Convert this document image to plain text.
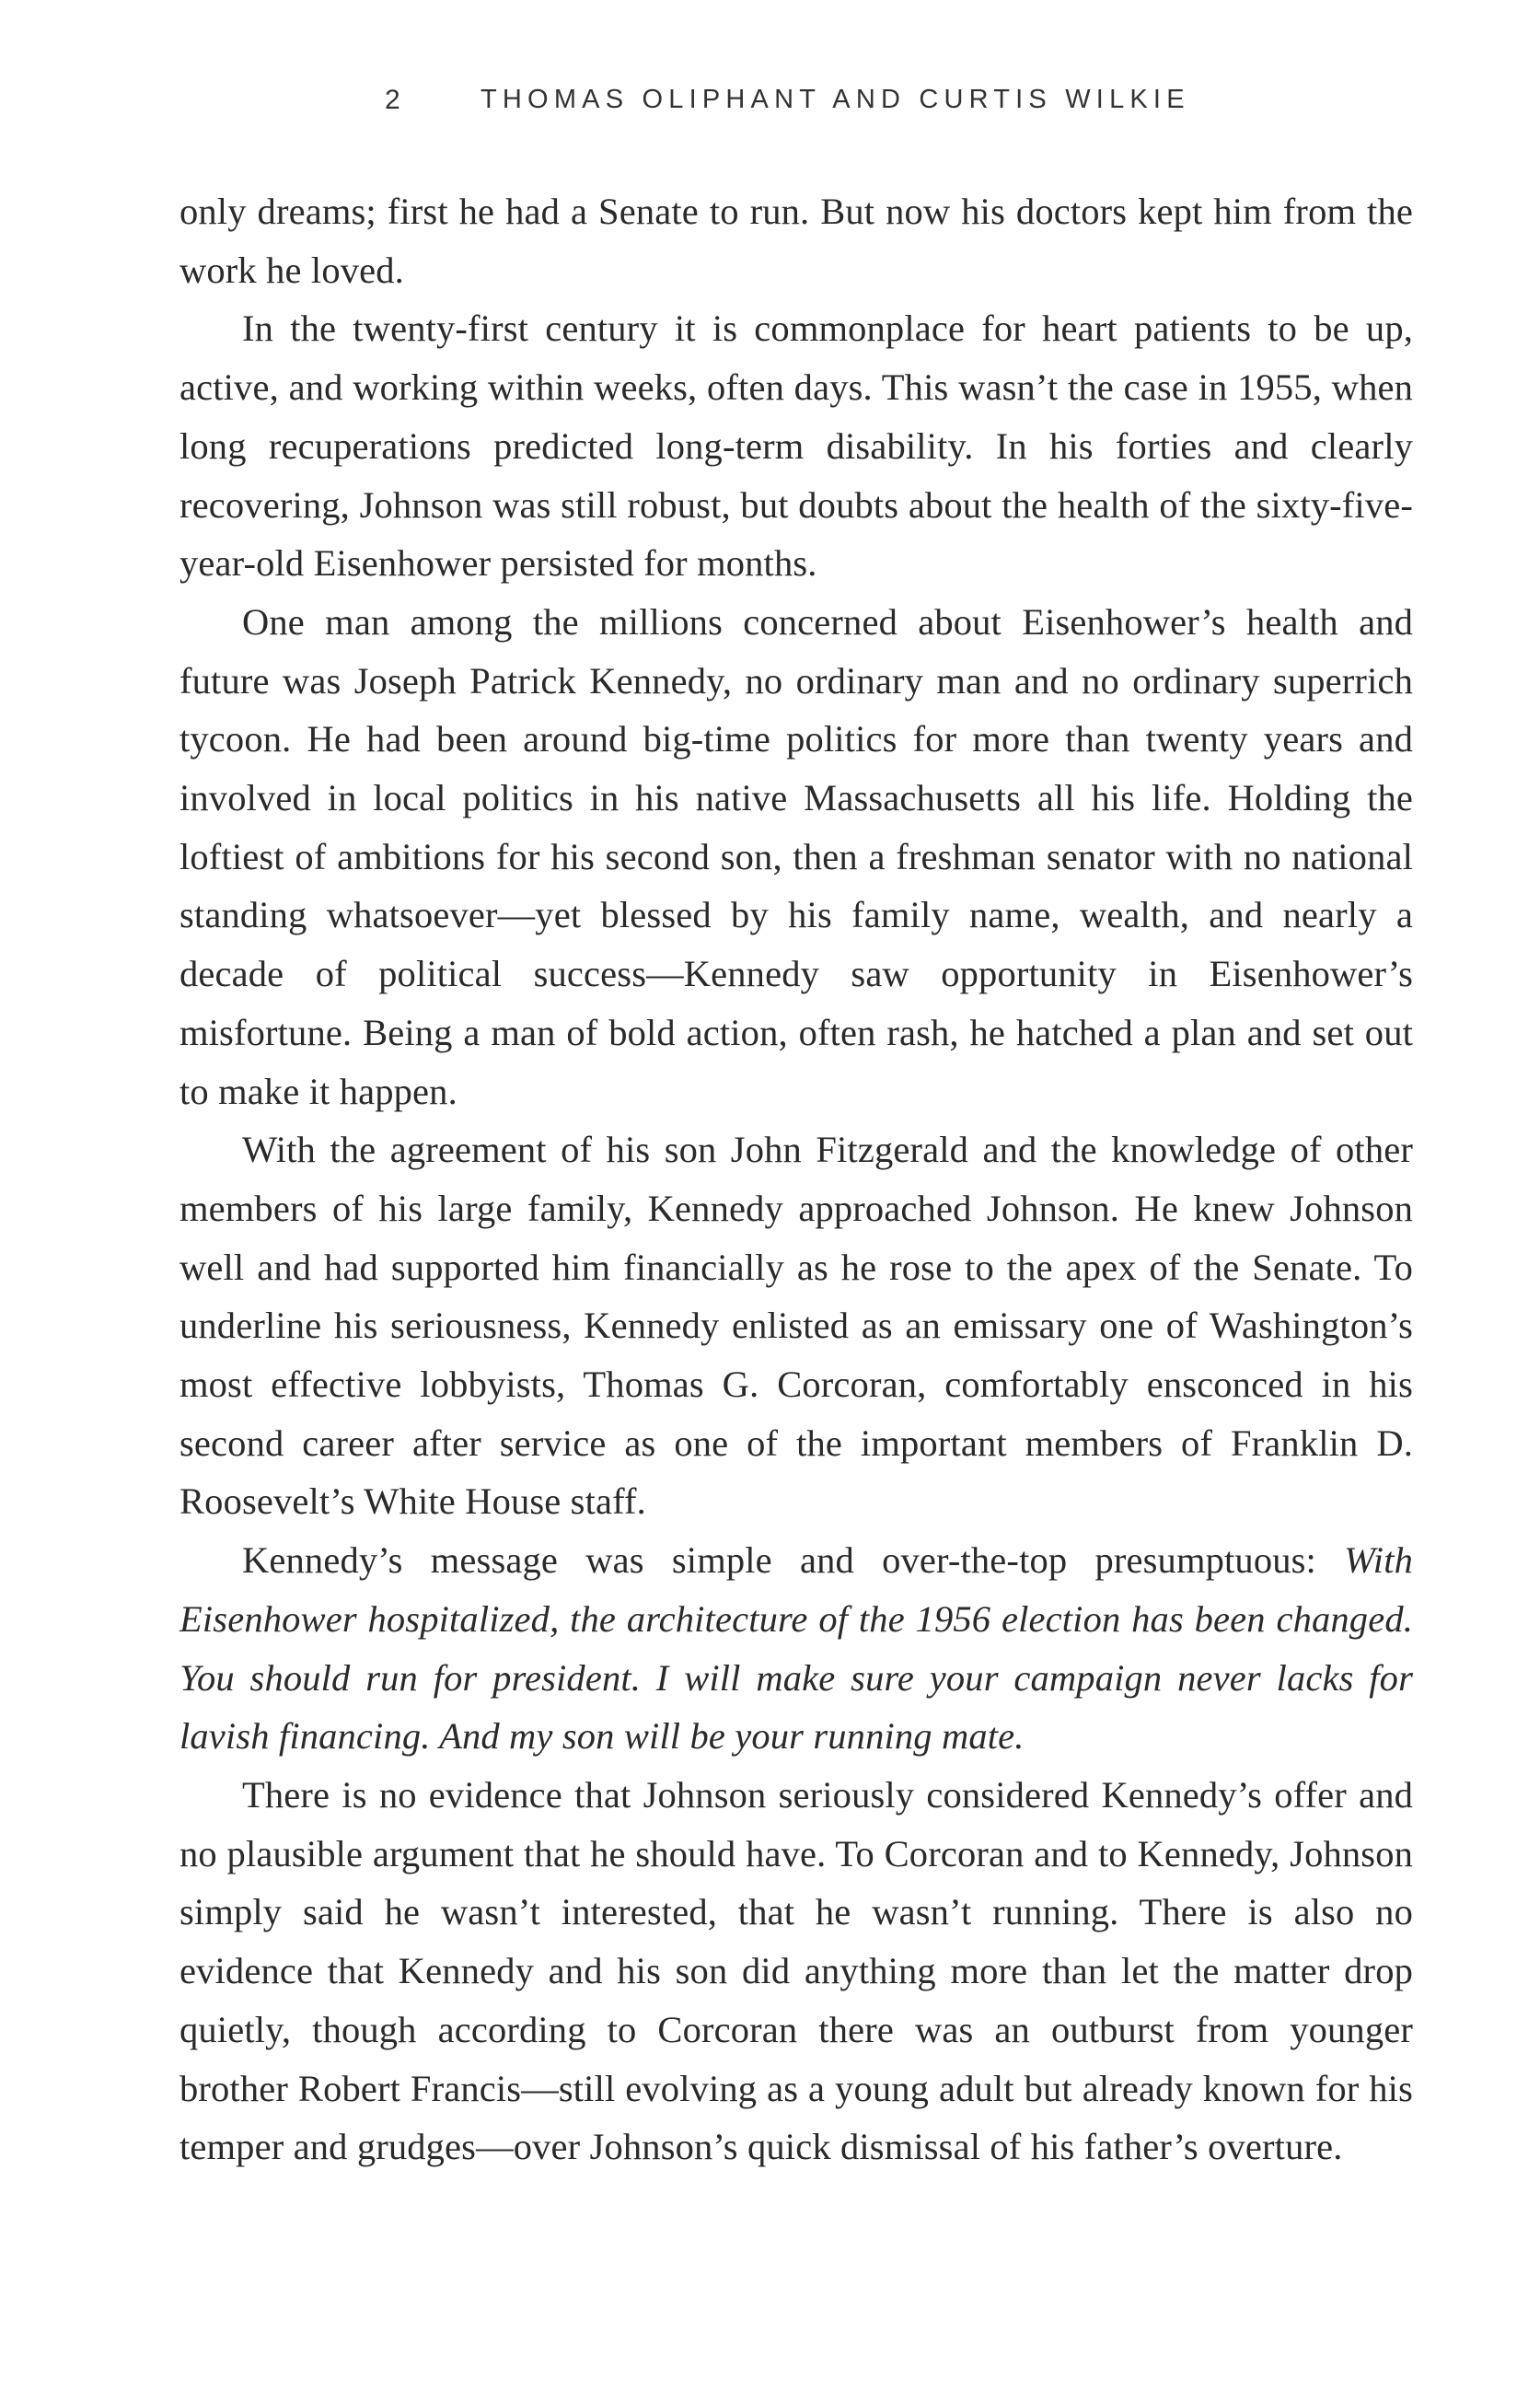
2	THOMAS OLIPHANT AND CURTIS WILKIE

only dreams; first he had a Senate to run. But now his doctors kept him from the work he loved.

In the twenty-first century it is commonplace for heart patients to be up, active, and working within weeks, often days. This wasn’t the case in 1955, when long recuperations predicted long-term disability. In his forties and clearly recovering, Johnson was still robust, but doubts about the health of the sixty-five-year-old Eisenhower persisted for months.

One man among the millions concerned about Eisenhower’s health and future was Joseph Patrick Kennedy, no ordinary man and no ordinary superrich tycoon. He had been around big-time politics for more than twenty years and involved in local politics in his native Massachusetts all his life. Holding the loftiest of ambitions for his second son, then a freshman senator with no national standing whatsoever—yet blessed by his family name, wealth, and nearly a decade of political success—Kennedy saw opportunity in Eisenhower’s misfortune. Being a man of bold action, often rash, he hatched a plan and set out to make it happen.

With the agreement of his son John Fitzgerald and the knowledge of other members of his large family, Kennedy approached Johnson. He knew Johnson well and had supported him financially as he rose to the apex of the Senate. To underline his seriousness, Kennedy enlisted as an emissary one of Washington’s most effective lobbyists, Thomas G. Corcoran, comfortably ensconced in his second career after service as one of the important members of Franklin D. Roosevelt’s White House staff.

Kennedy’s message was simple and over-the-top presumptuous: With Eisenhower hospitalized, the architecture of the 1956 election has been changed. You should run for president. I will make sure your campaign never lacks for lavish financing. And my son will be your running mate.

There is no evidence that Johnson seriously considered Kennedy’s offer and no plausible argument that he should have. To Corcoran and to Kennedy, Johnson simply said he wasn’t interested, that he wasn’t running. There is also no evidence that Kennedy and his son did anything more than let the matter drop quietly, though according to Corcoran there was an outburst from younger brother Robert Francis—still evolving as a young adult but already known for his temper and grudges—over Johnson’s quick dismissal of his father’s overture.
